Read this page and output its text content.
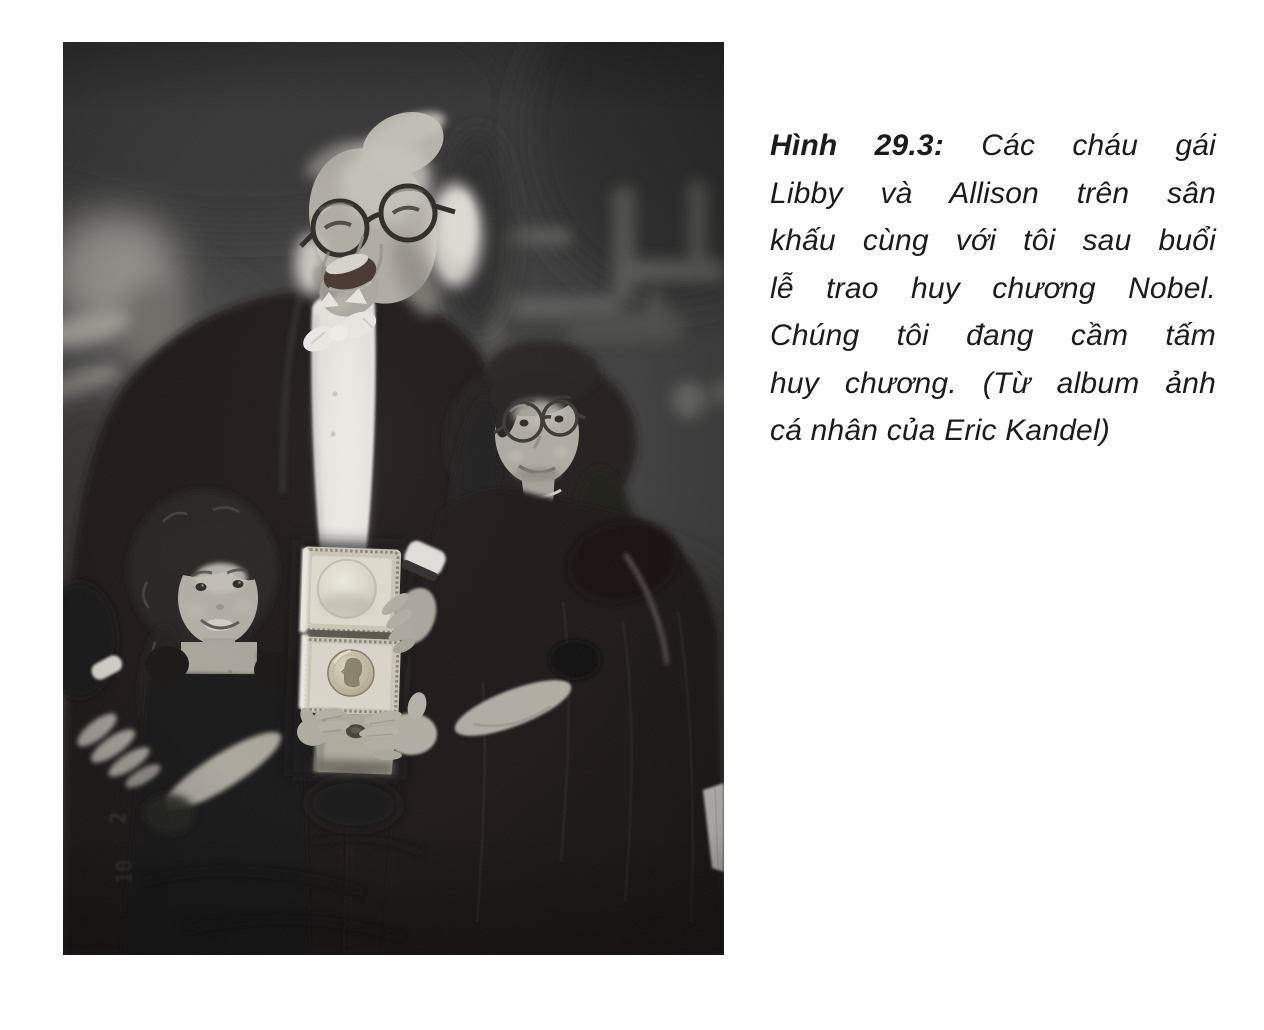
Hình 29.3: Các cháu gái
Libby và Allison trên sân
khấu cùng với tôi sau buổi
lễ trao huy chương Nobel.
Chúng tôi đang cầm tấm
huy chương. (Từ album ảnh
cá nhân của Eric Kandel)
